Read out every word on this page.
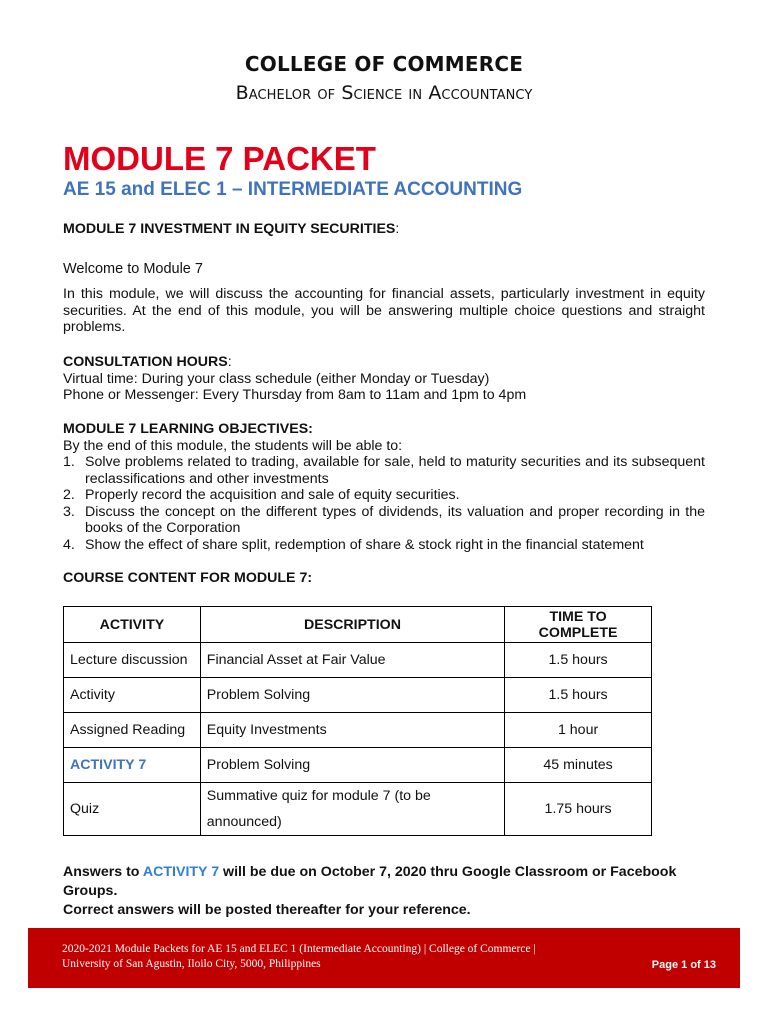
COLLEGE OF COMMERCE
Bachelor of Science in Accountancy
MODULE 7 PACKET
AE 15 and ELEC 1 – INTERMEDIATE ACCOUNTING
MODULE 7 INVESTMENT IN EQUITY SECURITIES:
Welcome to Module 7
In this module, we will discuss the accounting for financial assets, particularly investment in equity securities. At the end of this module, you will be answering multiple choice questions and straight problems.
CONSULTATION HOURS:
Virtual time: During your class schedule (either Monday or Tuesday)
Phone or Messenger: Every Thursday from 8am to 11am and 1pm to 4pm
MODULE 7 LEARNING OBJECTIVES:
By the end of this module, the students will be able to:
1. Solve problems related to trading, available for sale, held to maturity securities and its subsequent reclassifications and other investments
2. Properly record the acquisition and sale of equity securities.
3. Discuss the concept on the different types of dividends, its valuation and proper recording in the books of the Corporation
4. Show the effect of share split, redemption of share & stock right in the financial statement
COURSE CONTENT FOR MODULE 7:
ACTIVITY	DESCRIPTION	TIME TO COMPLETE
Lecture discussion	Financial Asset at Fair Value	1.5 hours
Activity	Problem Solving	1.5 hours
Assigned Reading	Equity Investments	1 hour
ACTIVITY 7	Problem Solving	45 minutes
Quiz	Summative quiz for module 7 (to be
announced)	1.75 hours
Answers to ACTIVITY 7 will be due on October 7, 2020 thru Google Classroom or Facebook Groups.
Correct answers will be posted thereafter for your reference.
2020-2021 Module Packets for AE 15 and ELEC 1 (Intermediate Accounting) | College of Commerce |
University of San Agustin, Iloilo City, 5000, Philippines	Page 1 of 13
